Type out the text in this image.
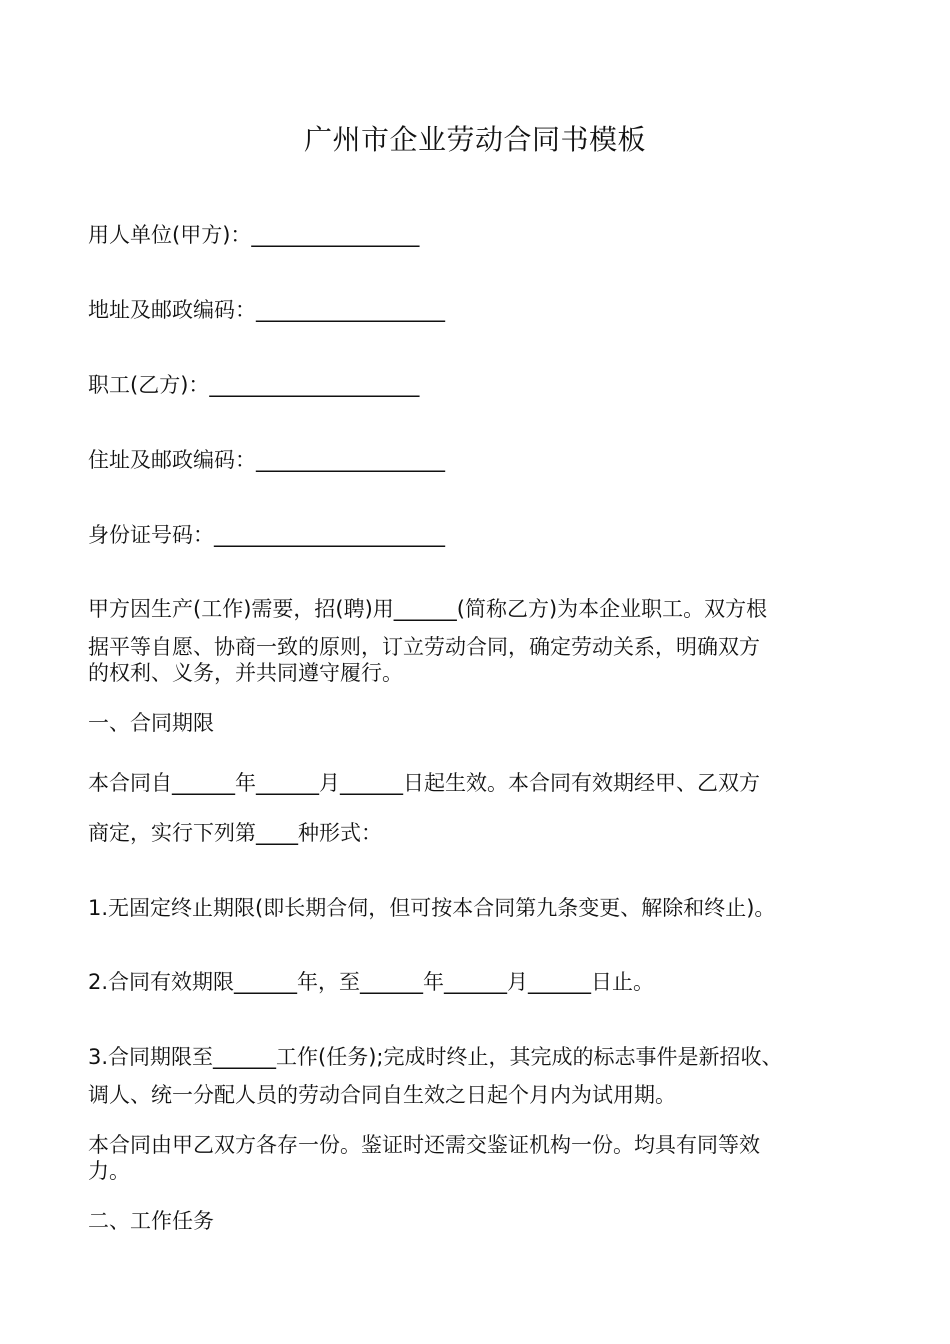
广州市企业劳动合同书模板
用人单位(甲方)：________________
地址及邮政编码：__________________
职工(乙方)：____________________
住址及邮政编码：__________________
身份证号码：______________________
甲方因生产(工作)需要，招(聘)用______(简称乙方)为本企业职工。双方根
据平等自愿、协商一致的原则，订立劳动合同，确定劳动关系，明确双方
的权利、义务，并共同遵守履行。
一、合同期限
本合同自______年______月______日起生效。本合同有效期经甲、乙双方
商定，实行下列第____种形式：
1.无固定终止期限(即长期合伺，但可按本合同第九条变更、解除和终止)。
2.合同有效期限______年，至______年______月______日止。
3.合同期限至______工作(任务);完成时终止，其完成的标志事件是新招收、
调人、统一分配人员的劳动合同自生效之日起个月内为试用期。
本合同由甲乙双方各存一份。鉴证时还需交鉴证机构一份。均具有同等效
力。
二、工作任务
